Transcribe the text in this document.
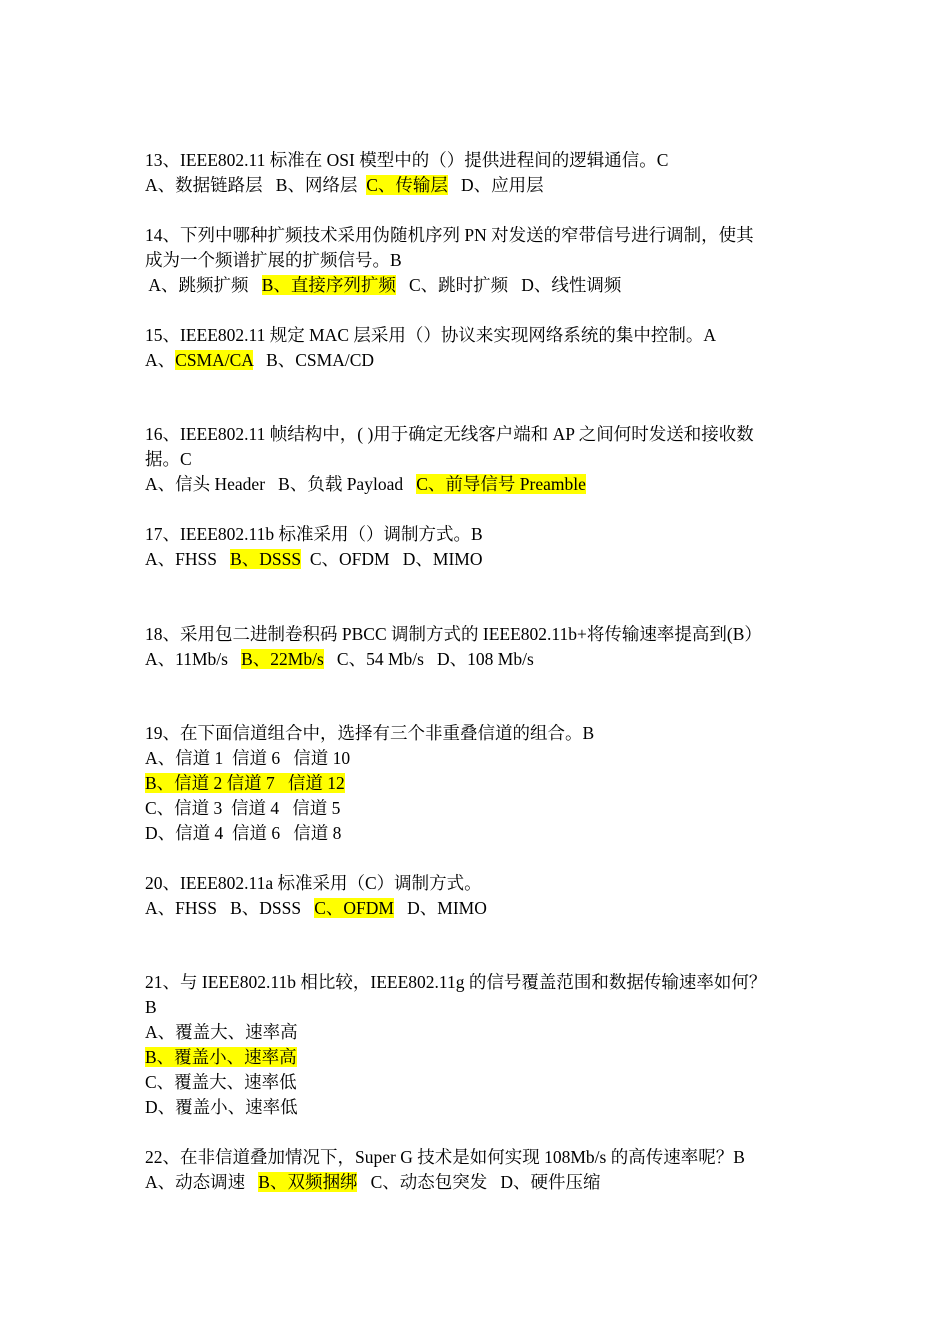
13、IEEE802.11 标准在 OSI 模型中的（）提供进程间的逻辑通信。C
A、数据链路层 B、网络层 C、传输层 D、应用层
14、下列中哪种扩频技术采用伪随机序列 PN 对发送的窄带信号进行调制，使其
成为一个频谱扩展的扩频信号。B
A、跳频扩频 B、直接序列扩频 C、跳时扩频 D、线性调频
15、IEEE802.11 规定 MAC 层采用（）协议来实现网络系统的集中控制。A
A、CSMA/CA B、CSMA/CD
16、IEEE802.11 帧结构中，( )用于确定无线客户端和 AP 之间何时发送和接收数
据。C
A、信头 Header B、负载 Payload C、前导信号 Preamble
17、IEEE802.11b 标准采用（）调制方式。B
A、FHSS B、DSSS C、OFDM D、MIMO
18、采用包二进制卷积码 PBCC 调制方式的 IEEE802.11b+将传输速率提高到(B）
A、11Mb/s B、22Mb/s C、54 Mb/s D、108 Mb/s
19、在下面信道组合中，选择有三个非重叠信道的组合。B
A、信道 1  信道 6   信道 10
B、信道 2 信道 7   信道 12
C、信道 3  信道 4   信道 5
D、信道 4  信道 6   信道 8
20、IEEE802.11a 标准采用（C）调制方式。
A、FHSS B、DSSS C、OFDM D、MIMO
21、与 IEEE802.11b 相比较，IEEE802.11g 的信号覆盖范围和数据传输速率如何？
B
A、覆盖大、速率高
B、覆盖小、速率高
C、覆盖大、速率低
D、覆盖小、速率低
22、在非信道叠加情况下，Super G 技术是如何实现 108Mb/s 的高传速率呢？B
A、动态调速 B、双频捆绑 C、动态包突发 D、硬件压缩
